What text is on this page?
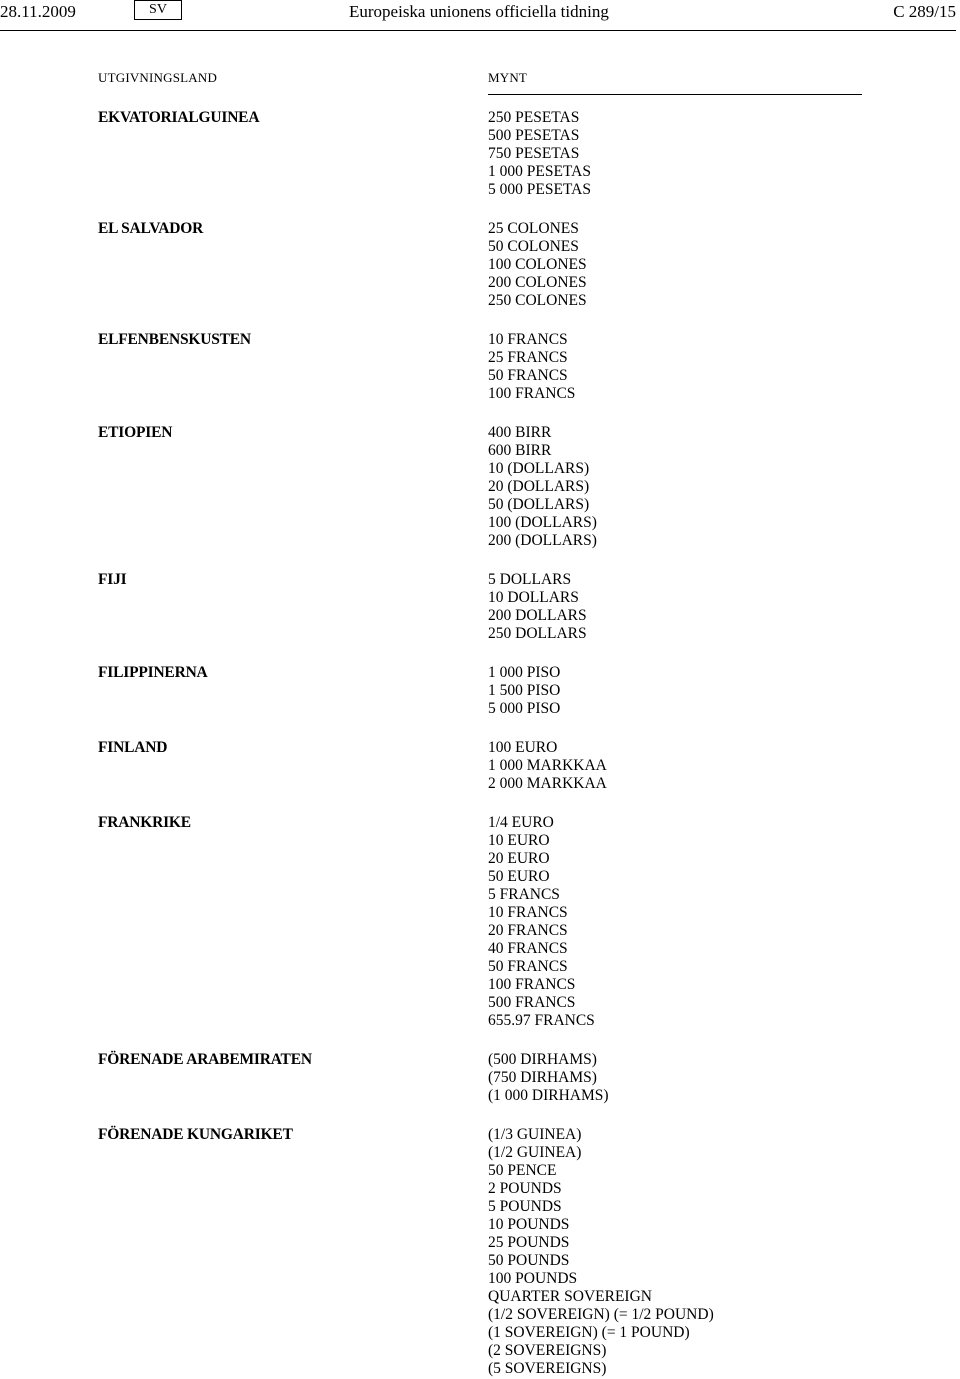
28.11.2009	SV	Europeiska unionens officiella tidning	C 289/15
UTGIVNINGSLAND	MYNT
EKVATORIALGUINEA	250 PESETAS
500 PESETAS
750 PESETAS
1 000 PESETAS
5 000 PESETAS
EL SALVADOR	25 COLONES
50 COLONES
100 COLONES
200 COLONES
250 COLONES
ELFENBENSKUSTEN	10 FRANCS
25 FRANCS
50 FRANCS
100 FRANCS
ETIOPIEN	400 BIRR
600 BIRR
10 (DOLLARS)
20 (DOLLARS)
50 (DOLLARS)
100 (DOLLARS)
200 (DOLLARS)
FIJI	5 DOLLARS
10 DOLLARS
200 DOLLARS
250 DOLLARS
FILIPPINERNA	1 000 PISO
1 500 PISO
5 000 PISO
FINLAND	100 EURO
1 000 MARKKAA
2 000 MARKKAA
FRANKRIKE	1/4 EURO
10 EURO
20 EURO
50 EURO
5 FRANCS
10 FRANCS
20 FRANCS
40 FRANCS
50 FRANCS
100 FRANCS
500 FRANCS
655.97 FRANCS
FÖRENADE ARABEMIRATEN	(500 DIRHAMS)
(750 DIRHAMS)
(1 000 DIRHAMS)
FÖRENADE KUNGARIKET	(1/3 GUINEA)
(1/2 GUINEA)
50 PENCE
2 POUNDS
5 POUNDS
10 POUNDS
25 POUNDS
50 POUNDS
100 POUNDS
QUARTER SOVEREIGN
(1/2 SOVEREIGN) (= 1/2 POUND)
(1 SOVEREIGN) (= 1 POUND)
(2 SOVEREIGNS)
(5 SOVEREIGNS)
